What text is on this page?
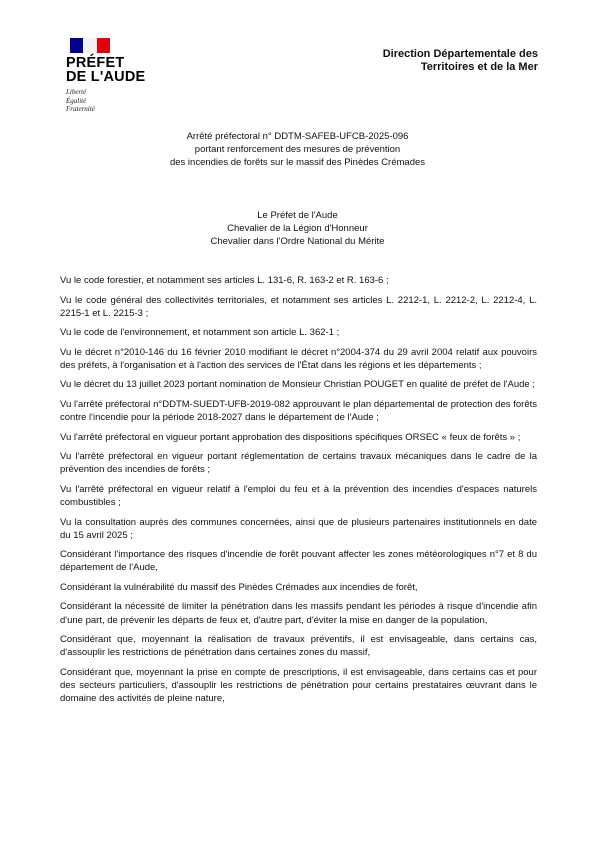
PRÉFET
DE L'AUDE
Liberté
Égalité
Fraternité
Direction Départementale des
Territoires et de la Mer
Arrêté préfectoral n° DDTM-SAFEB-UFCB-2025-096
portant renforcement des mesures de prévention
des incendies de forêts sur le massif des Pinèdes Crémades
Le Préfet de l'Aude
Chevalier de la Légion d'Honneur
Chevalier dans l'Ordre National du Mérite

Vu le code forestier, et notamment ses articles L. 131-6, R. 163-2 et R. 163-6 ;

Vu le code général des collectivités territoriales, et notamment ses articles L. 2212-1, L. 2212-2, L. 2212-4, L. 2215-1 et L. 2215-3 ;

Vu le code de l'environnement, et notamment son article L. 362-1 ;

Vu le décret n°2010-146 du 16 février 2010 modifiant le décret n°2004-374 du 29 avril 2004 relatif aux pouvoirs des préfets, à l'organisation et à l'action des services de l'État dans les régions et les départements ;

Vu le décret du 13 juillet 2023 portant nomination de Monsieur Christian POUGET en qualité de préfet de l'Aude ;

Vu l'arrêté préfectoral n°DDTM-SUEDT-UFB-2019-082 approuvant le plan départemental de protection des forêts contre l'incendie pour la période 2018-2027 dans le département de l'Aude ;

Vu l'arrêté préfectoral en vigueur portant approbation des dispositions spécifiques ORSEC « feux de forêts » ;

Vu l'arrêté préfectoral en vigueur portant réglementation de certains travaux mécaniques dans le cadre de la prévention des incendies de forêts ;

Vu l'arrêté préfectoral en vigueur relatif à l'emploi du feu et à la prévention des incendies d'espaces naturels combustibles ;

Vu la consultation auprès des communes concernées, ainsi que de plusieurs partenaires institutionnels en date du 15 avril 2025 ;

Considérant l'importance des risques d'incendie de forêt pouvant affecter les zones météorologiques n°7 et 8 du département de l'Aude,

Considérant la vulnérabilité du massif des Pinèdes Crémades aux incendies de forêt,

Considérant la nécessité de limiter la pénétration dans les massifs pendant les périodes à risque d'incendie afin d'une part, de prévenir les départs de feux et, d'autre part, d'éviter la mise en danger de la population,

Considérant que, moyennant la réalisation de travaux préventifs, il est envisageable, dans certains cas, d'assouplir les restrictions de pénétration dans certaines zones du massif,

Considérant que, moyennant la prise en compte de prescriptions, il est envisageable, dans certains cas et pour des secteurs particuliers, d'assouplir les restrictions de pénétration pour certains prestataires œuvrant dans le domaine des activités de pleine nature,
